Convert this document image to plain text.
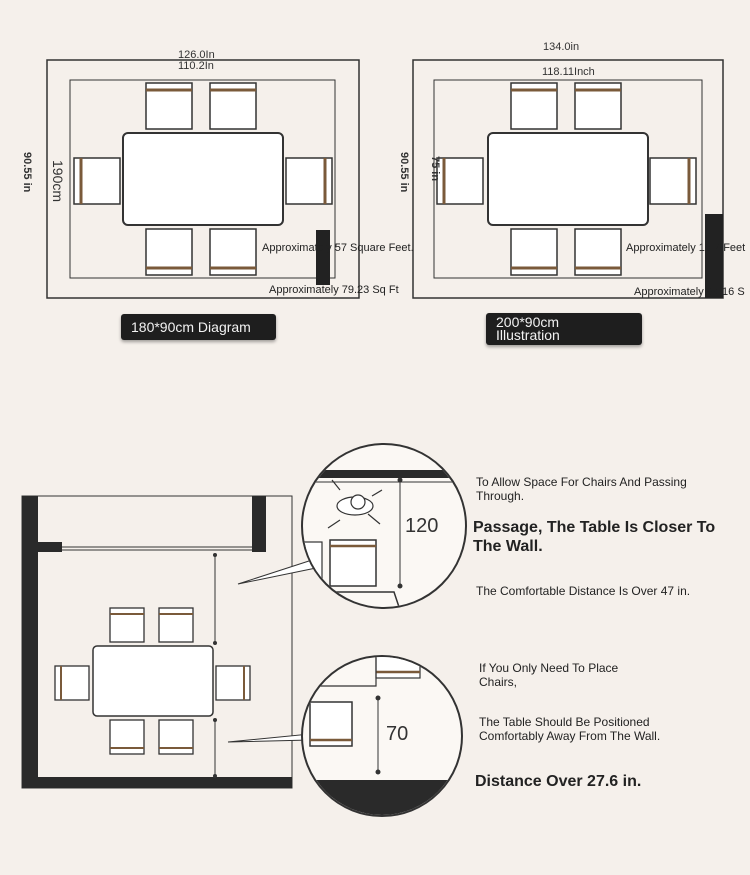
126.0In
110.2In
90.55 in 190cm
Approximately 57 Square Feet.
Approximately 79.23 Sq Ft
180*90cm Diagram
134.0in
118.11Inch
90.55 in 75 in
Approximately 18.7 Feet
Approximately 84.16 S
200*90cm
Illustration
120
70
To Allow Space For Chairs And Passing Through.
Passage, The Table Is Closer To The Wall.
The Comfortable Distance Is Over 47 in.
If You Only Need To Place Chairs,
The Table Should Be Positioned Comfortably Away From The Wall.
Distance Over 27.6 in.
